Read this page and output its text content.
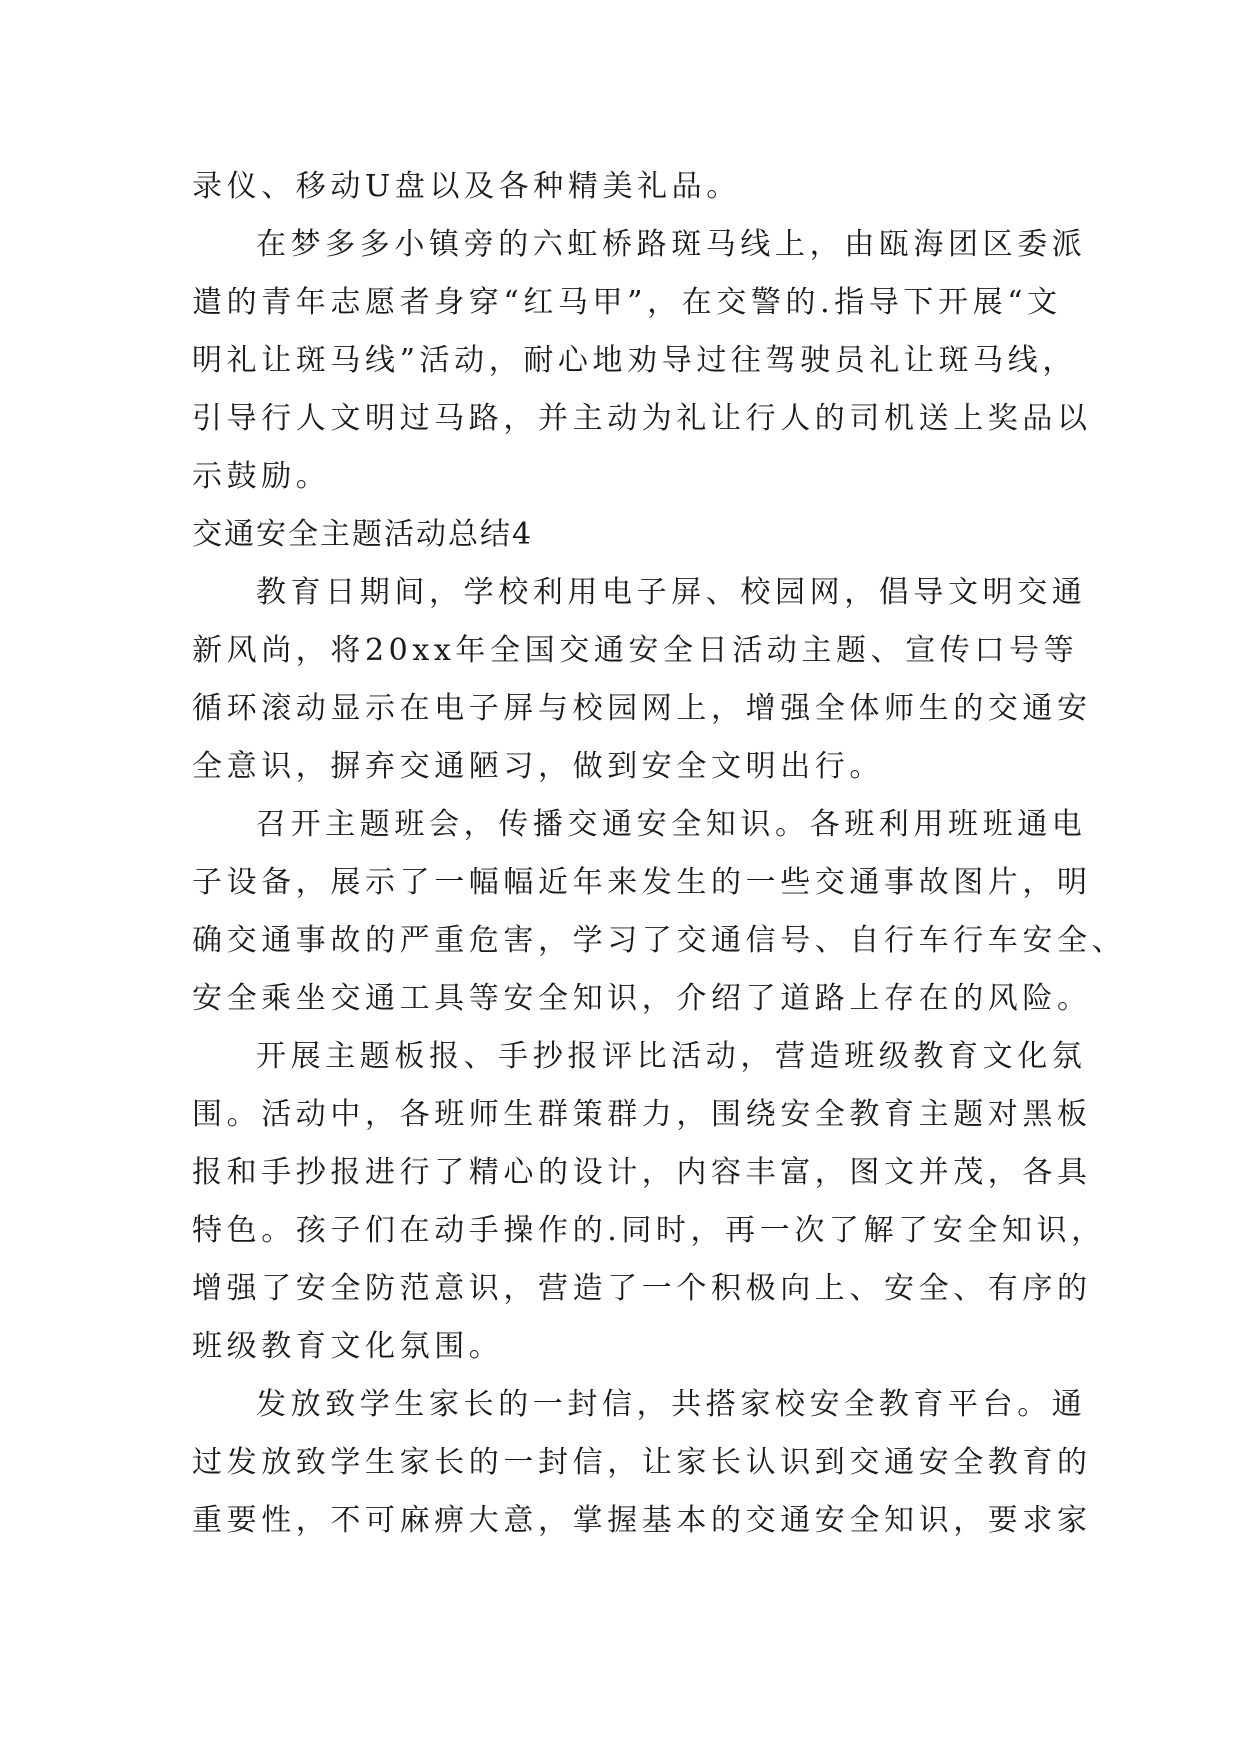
录仪、移动U盘以及各种精美礼品。
在梦多多小镇旁的六虹桥路斑马线上，由瓯海团区委派
遣的青年志愿者身穿“红马甲”，在交警的.指导下开展“文
明礼让斑马线”活动，耐心地劝导过往驾驶员礼让斑马线，
引导行人文明过马路，并主动为礼让行人的司机送上奖品以
示鼓励。
交通安全主题活动总结4
教育日期间，学校利用电子屏、校园网，倡导文明交通
新风尚，将20xx年全国交通安全日活动主题、宣传口号等
循环滚动显示在电子屏与校园网上，增强全体师生的交通安
全意识，摒弃交通陋习，做到安全文明出行。
召开主题班会，传播交通安全知识。各班利用班班通电
子设备，展示了一幅幅近年来发生的一些交通事故图片，明
确交通事故的严重危害，学习了交通信号、自行车行车安全、
安全乘坐交通工具等安全知识，介绍了道路上存在的风险。
开展主题板报、手抄报评比活动，营造班级教育文化氛
围。活动中，各班师生群策群力，围绕安全教育主题对黑板
报和手抄报进行了精心的设计，内容丰富，图文并茂，各具
特色。孩子们在动手操作的.同时，再一次了解了安全知识，
增强了安全防范意识，营造了一个积极向上、安全、有序的
班级教育文化氛围。
发放致学生家长的一封信，共搭家校安全教育平台。通
过发放致学生家长的一封信，让家长认识到交通安全教育的
重要性，不可麻痹大意，掌握基本的交通安全知识，要求家
